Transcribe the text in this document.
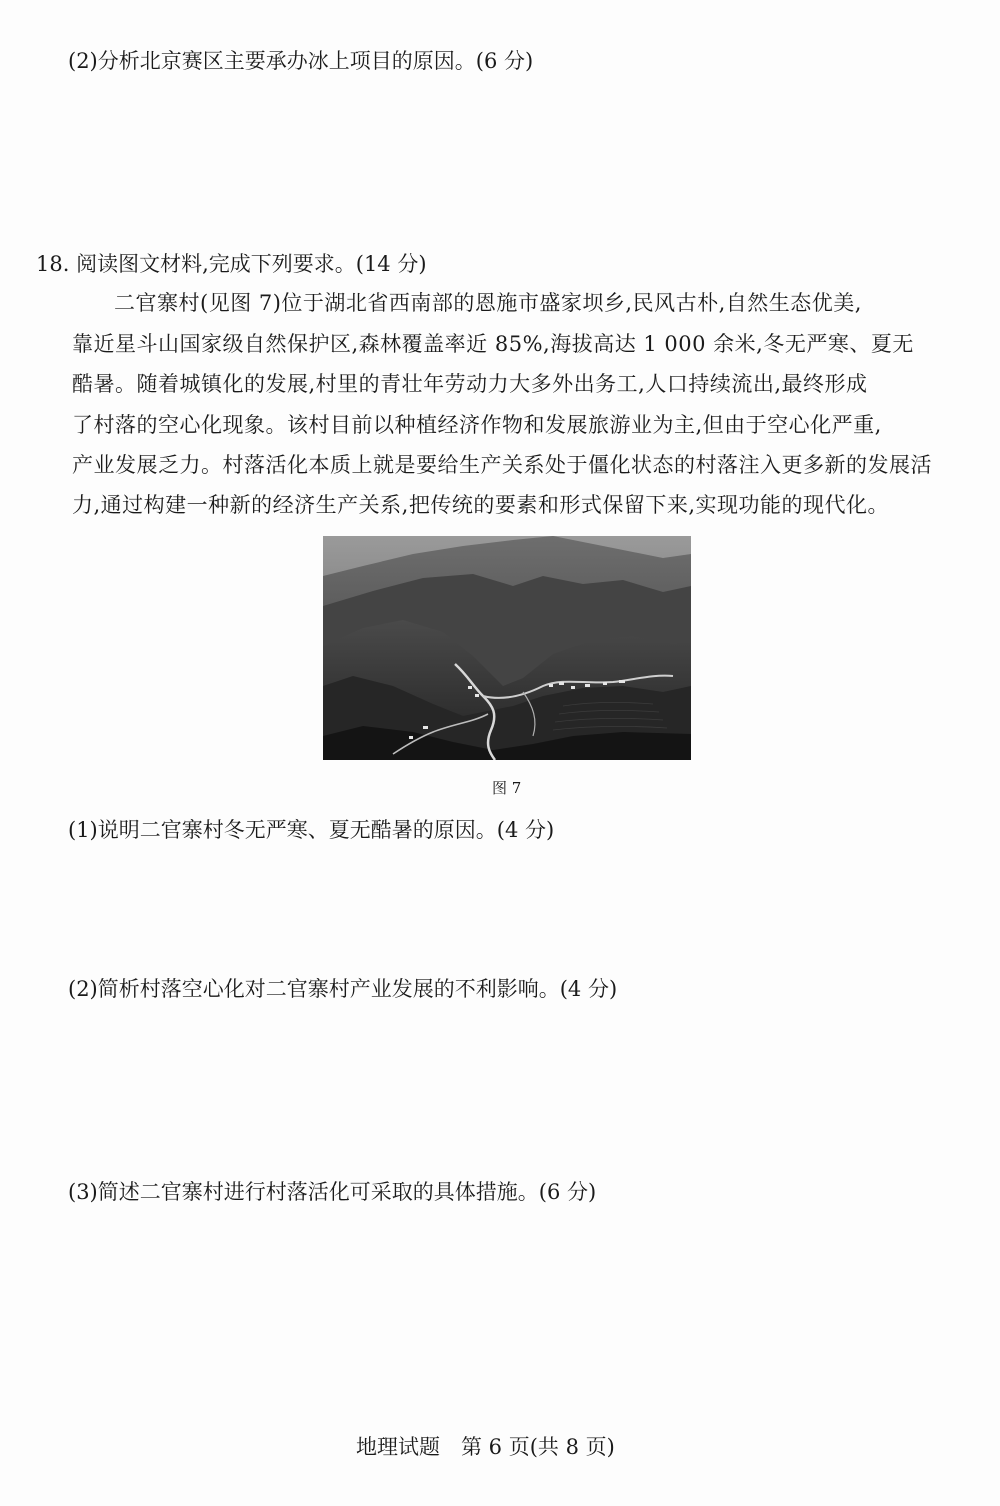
(2)分析北京赛区主要承办冰上项目的原因。(6 分)
18. 阅读图文材料,完成下列要求。(14 分)
二官寨村(见图 7)位于湖北省西南部的恩施市盛家坝乡,民风古朴,自然生态优美,
靠近星斗山国家级自然保护区,森林覆盖率近 85%,海拔高达 1 000 余米,冬无严寒、夏无
酷暑。随着城镇化的发展,村里的青壮年劳动力大多外出务工,人口持续流出,最终形成
了村落的空心化现象。该村目前以种植经济作物和发展旅游业为主,但由于空心化严重,
产业发展乏力。村落活化本质上就是要给生产关系处于僵化状态的村落注入更多新的发展活
力,通过构建一种新的经济生产关系,把传统的要素和形式保留下来,实现功能的现代化。
图 7
(1)说明二官寨村冬无严寒、夏无酷暑的原因。(4 分)
(2)简析村落空心化对二官寨村产业发展的不利影响。(4 分)
(3)简述二官寨村进行村落活化可采取的具体措施。(6 分)
地理试题　第 6 页(共 8 页)
